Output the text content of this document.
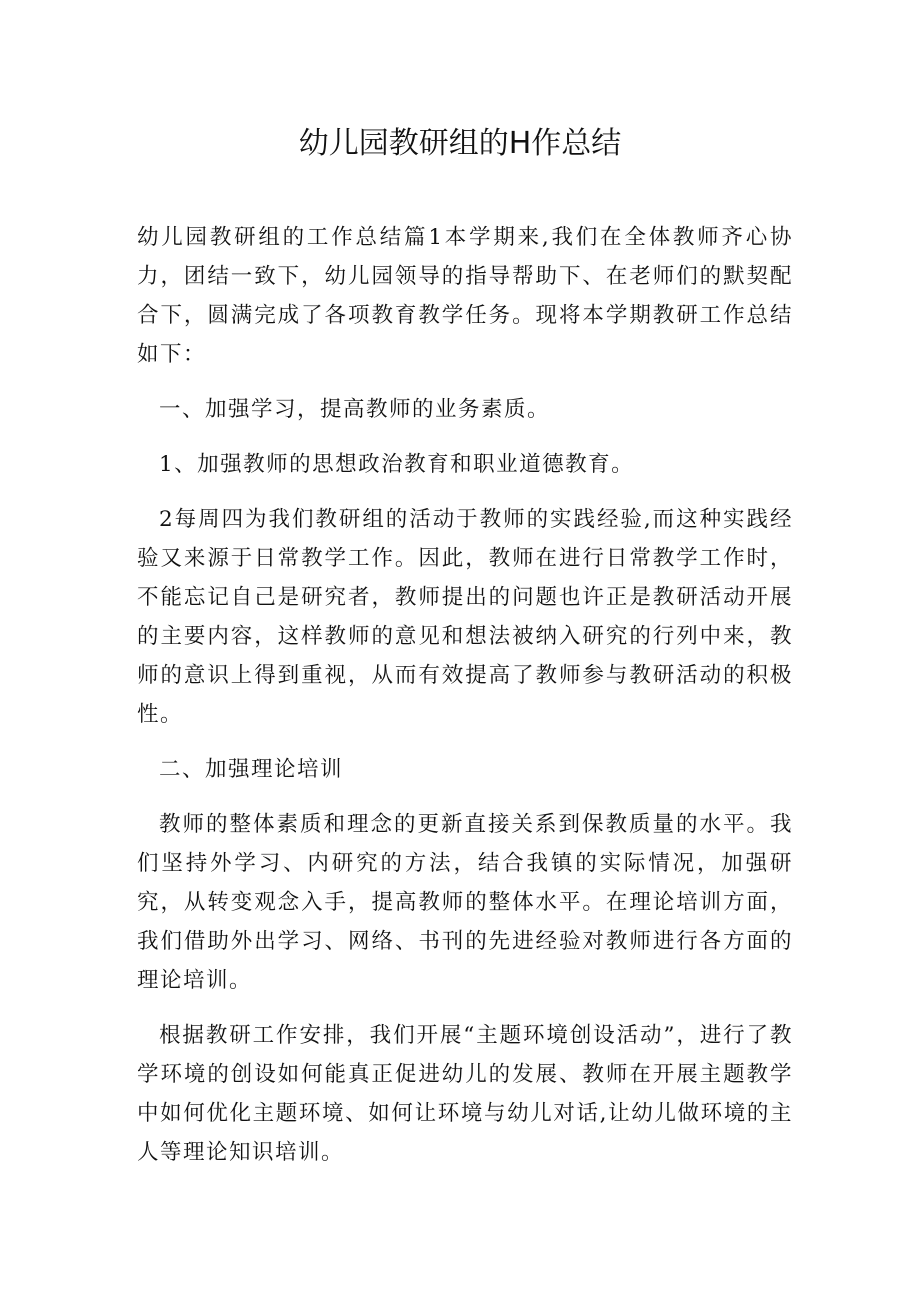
幼儿园教研组的H作总结

幼儿园教研组的工作总结篇1本学期来,我们在全体教师齐心协力，团结一致下，幼儿园领导的指导帮助下、在老师们的默契配合下，圆满完成了各项教育教学任务。现将本学期教研工作总结如下：

一、加强学习，提高教师的业务素质。

1、加强教师的思想政治教育和职业道德教育。

2每周四为我们教研组的活动于教师的实践经验,而这种实践经验又来源于日常教学工作。因此，教师在进行日常教学工作时，不能忘记自己是研究者，教师提出的问题也许正是教研活动开展的主要内容，这样教师的意见和想法被纳入研究的行列中来，教师的意识上得到重视，从而有效提高了教师参与教研活动的积极性。

二、加强理论培训

教师的整体素质和理念的更新直接关系到保教质量的水平。我们坚持外学习、内研究的方法，结合我镇的实际情况，加强研究，从转变观念入手，提高教师的整体水平。在理论培训方面，我们借助外出学习、网络、书刊的先进经验对教师进行各方面的理论培训。

根据教研工作安排，我们开展“主题环境创设活动”，进行了教学环境的创设如何能真正促进幼儿的发展、教师在开展主题教学中如何优化主题环境、如何让环境与幼儿对话,让幼儿做环境的主人等理论知识培训。
